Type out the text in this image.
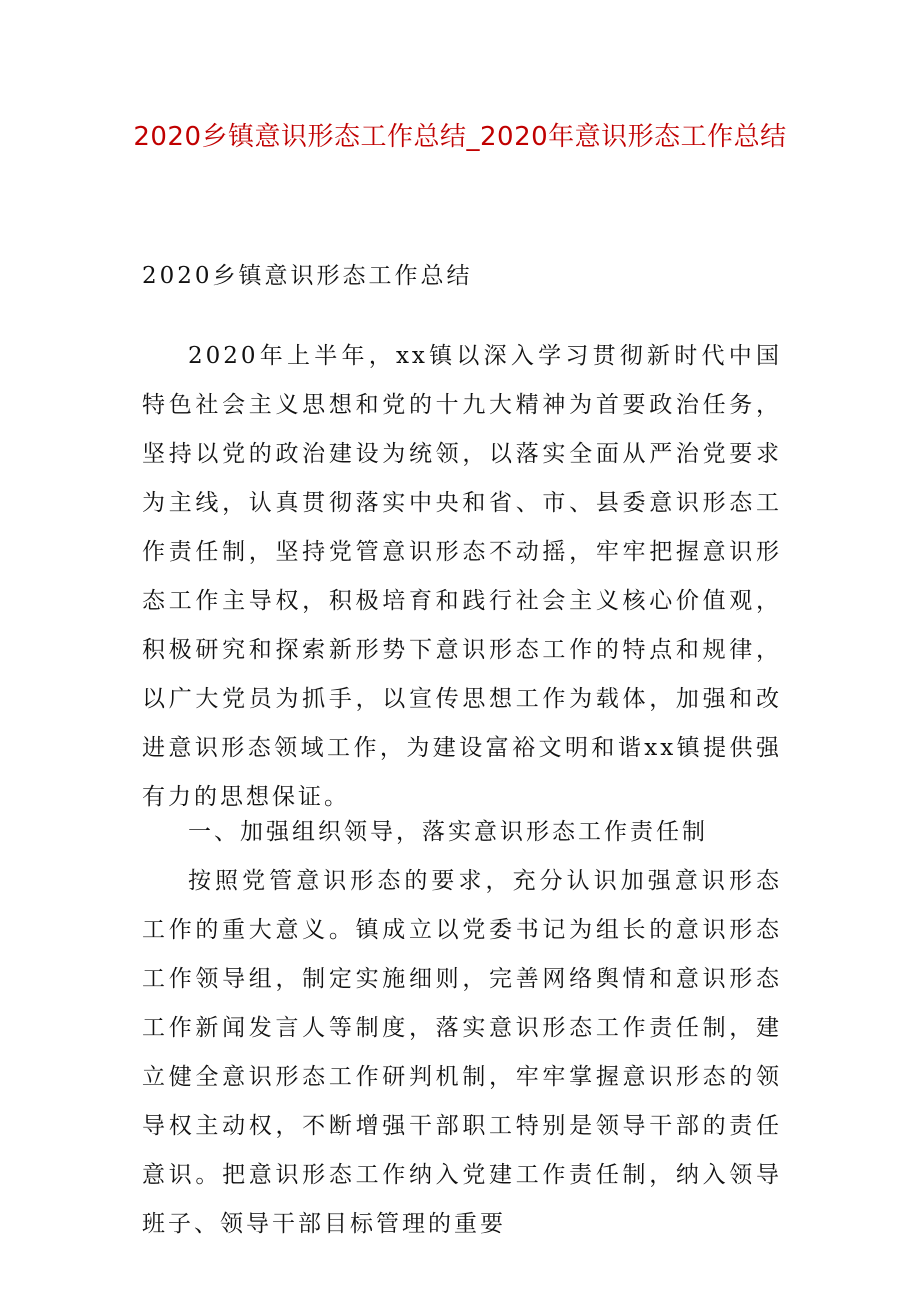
2020乡镇意识形态工作总结_2020年意识形态工作总结
2020乡镇意识形态工作总结

2020年上半年，xx镇以深入学习贯彻新时代中国特色社会主义思想和党的十九大精神为首要政治任务，坚持以党的政治建设为统领，以落实全面从严治党要求为主线，认真贯彻落实中央和省、市、县委意识形态工作责任制，坚持党管意识形态不动摇，牢牢把握意识形态工作主导权，积极培育和践行社会主义核心价值观，积极研究和探索新形势下意识形态工作的特点和规律，以广大党员为抓手，以宣传思想工作为载体，加强和改进意识形态领域工作，为建设富裕文明和谐xx镇提供强有力的思想保证。

一、加强组织领导，落实意识形态工作责任制

按照党管意识形态的要求，充分认识加强意识形态工作的重大意义。镇成立以党委书记为组长的意识形态工作领导组，制定实施细则，完善网络舆情和意识形态工作新闻发言人等制度，落实意识形态工作责任制，建立健全意识形态工作研判机制，牢牢掌握意识形态的领导权主动权，不断增强干部职工特别是领导干部的责任意识。把意识形态工作纳入党建工作责任制，纳入领导班子、领导干部目标管理的重要
